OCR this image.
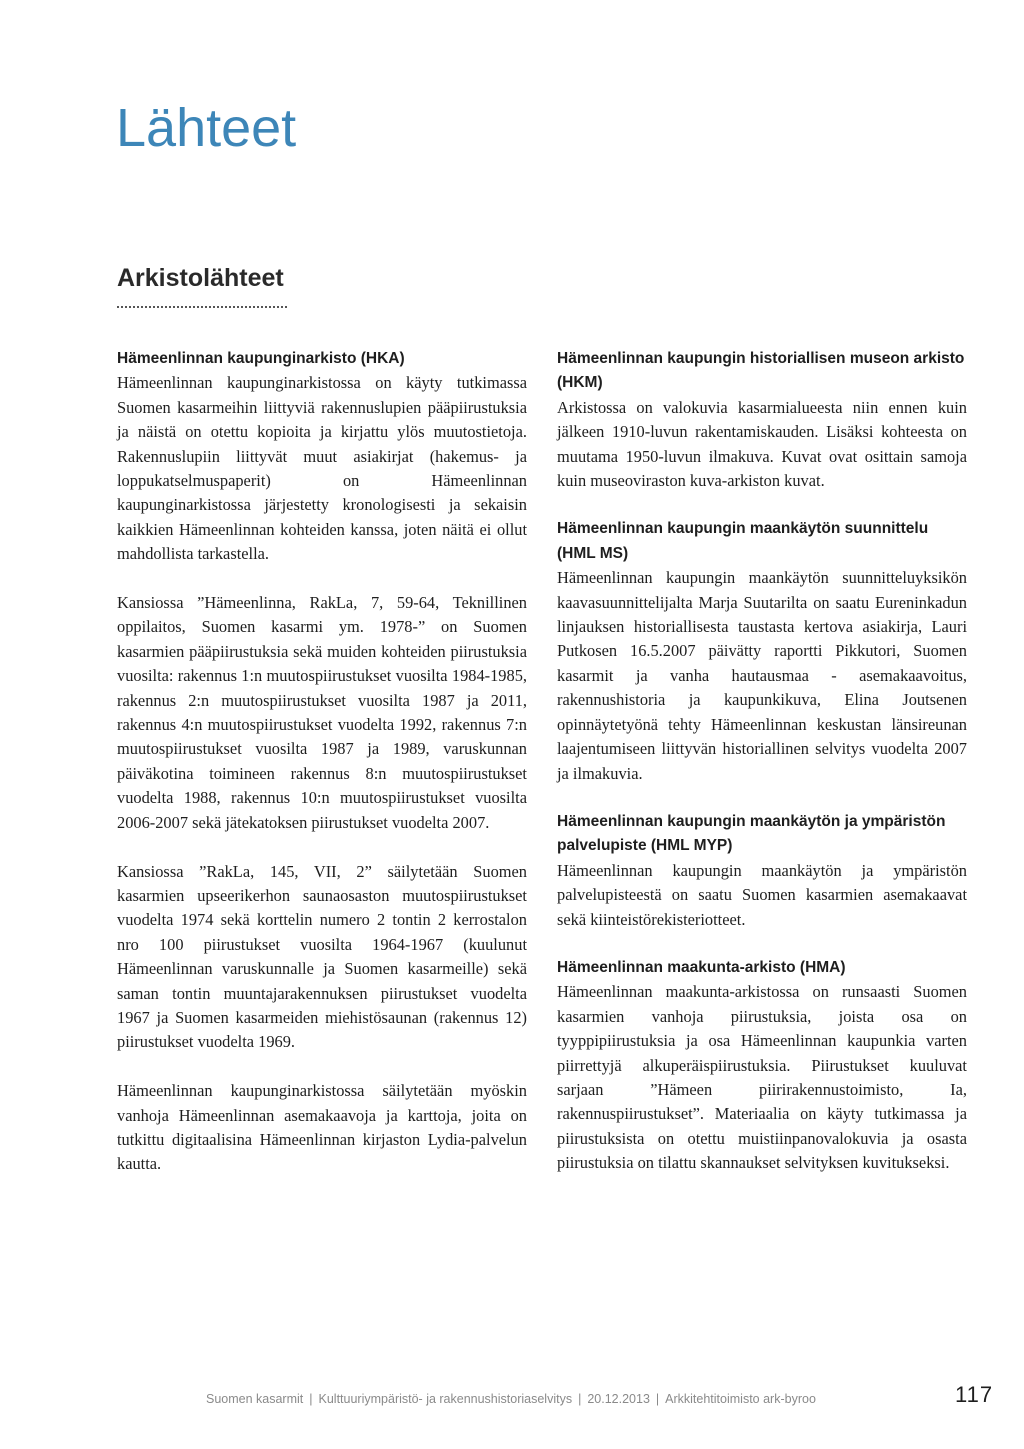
Lähteet
Arkistolähteet

Hämeenlinnan kaupunginarkisto (HKA)

Hämeenlinnan kaupunginarkistossa on käyty tutkimassa Suomen kasarmeihin liittyviä rakennuslupien pääpiirustuksia ja näistä on otettu kopioita ja kirjattu ylös muutostietoja. Rakennuslupiin liittyvät muut asiakirjat (hakemus- ja loppukatselmuspaperit) on Hämeenlinnan kaupunginarkistossa järjestetty kronologisesti ja sekaisin kaikkien Hämeenlinnan kohteiden kanssa, joten näitä ei ollut mahdollista tarkastella.

Kansiossa ”Hämeenlinna, RakLa, 7, 59-64, Teknillinen oppilaitos, Suomen kasarmi ym. 1978-” on Suomen kasarmien pääpiirustuksia sekä muiden kohteiden piirustuksia vuosilta: rakennus 1:n muutospiirustukset vuosilta 1984-1985, rakennus 2:n muutospiirustukset vuosilta 1987 ja 2011, rakennus 4:n muutospiirustukset vuodelta 1992, rakennus 7:n muutospiirustukset vuosilta 1987 ja 1989, varuskunnan päiväkotina toimineen rakennus 8:n muutospiirustukset vuodelta 1988, rakennus 10:n muutospiirustukset vuosilta 2006-2007 sekä jätekatoksen piirustukset vuodelta 2007.

Kansiossa ”RakLa, 145, VII, 2” säilytetään Suomen kasarmien upseerikerhon saunaosaston muutospiirustukset vuodelta 1974 sekä korttelin numero 2 tontin 2 kerrostalon nro 100 piirustukset vuosilta 1964-1967 (kuulunut Hämeenlinnan varuskunnalle ja Suomen kasarmeille) sekä saman tontin muuntajarakennuksen piirustukset vuodelta 1967 ja Suomen kasarmeiden miehistösaunan (rakennus 12) piirustukset vuodelta 1969.

Hämeenlinnan kaupunginarkistossa säilytetään myöskin vanhoja Hämeenlinnan asemakaavoja ja karttoja, joita on tutkittu digitaalisina Hämeenlinnan kirjaston Lydia-palvelun kautta.

Hämeenlinnan kaupungin historiallisen museon arkisto (HKM)

Arkistossa on valokuvia kasarmialueesta niin ennen kuin jälkeen 1910-luvun rakentamiskauden. Lisäksi kohteesta on muutama 1950-luvun ilmakuva. Kuvat ovat osittain samoja kuin museoviraston kuva-arkiston kuvat.

Hämeenlinnan kaupungin maankäytön suunnittelu (HML MS)

Hämeenlinnan kaupungin maankäytön suunnitteluyksikön kaavasuunnittelijalta Marja Suutarilta on saatu Eureninkadun linjauksen historiallisesta taustasta kertova asiakirja, Lauri Putkosen 16.5.2007 päivätty raportti Pikkutori, Suomen kasarmit ja vanha hautausmaa - asemakaavoitus, rakennushistoria ja kaupunkikuva, Elina Joutsenen opinnäytetyönä tehty Hämeenlinnan keskustan länsireunan laajentumiseen liittyvän historiallinen selvitys vuodelta 2007 ja ilmakuvia.

Hämeenlinnan kaupungin maankäytön ja ympäristön palvelupiste (HML MYP)

Hämeenlinnan kaupungin maankäytön ja ympäristön palvelupisteestä on saatu Suomen kasarmien asemakaavat sekä kiinteistörekisteriotteet.

Hämeenlinnan maakunta-arkisto (HMA)

Hämeenlinnan maakunta-arkistossa on runsaasti Suomen kasarmien vanhoja piirustuksia, joista osa on tyyppipiirustuksia ja osa Hämeenlinnan kaupunkia varten piirrettyjä alkuperäispiirustuksia. Piirustukset kuuluvat sarjaan ”Hämeen piirirakennustoimisto, Ia, rakennuspiirustukset”. Materiaalia on käyty tutkimassa ja piirustuksista on otettu muistiinpanovalokuvia ja osasta piirustuksia on tilattu skannaukset selvityksen kuvitukseksi.

Suomen kasarmit | Kulttuuriympäristö- ja rakennushistoriaselvitys | 20.12.2013 | Arkkitehtitoimisto ark-byroo	117
